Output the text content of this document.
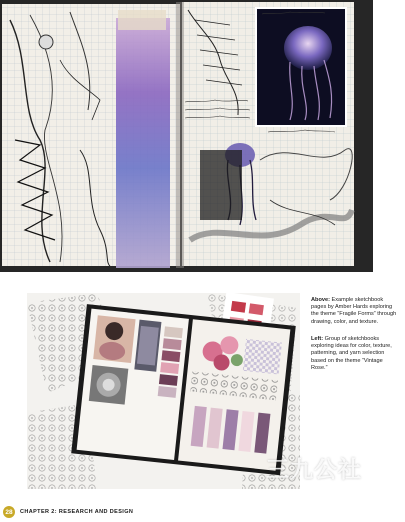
Above: Example sketchbook pages by Amber Hards exploring the theme “Fragile Forms” through drawing, color, and texture.
Left: Group of sketchbooks exploring ideas for color, texture, patterning, and yarn selection based on the theme “Vintage Rose.”
三九公社
28	CHAPTER 2: RESEARCH AND DESIGN
